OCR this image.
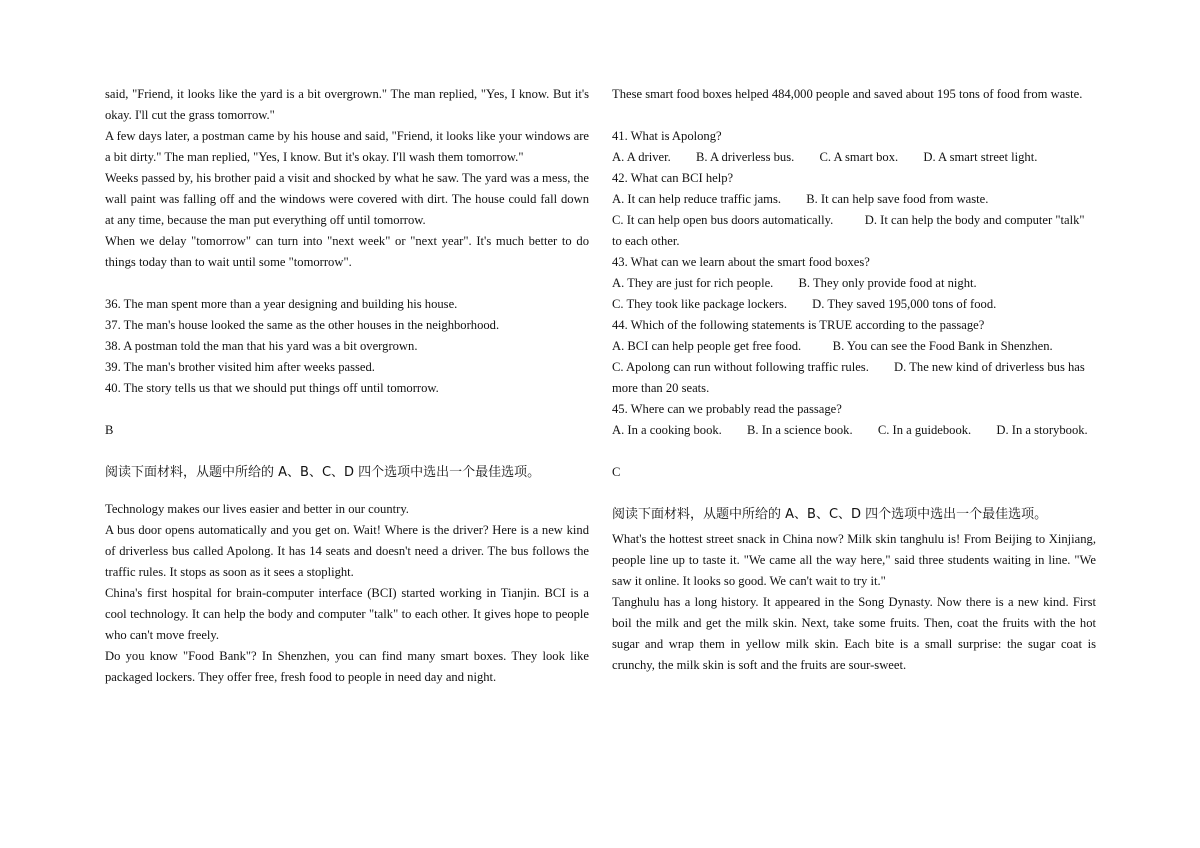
said, "Friend, it looks like the yard is a bit overgrown." The man replied, "Yes, I know. But it's okay. I'll cut the grass tomorrow."

A few days later, a postman came by his house and said, "Friend, it looks like your windows are a bit dirty." The man replied, "Yes, I know. But it's okay. I'll wash them tomorrow."

Weeks passed by, his brother paid a visit and shocked by what he saw. The yard was a mess, the wall paint was falling off and the windows were covered with dirt. The house could fall down at any time, because the man put everything off until tomorrow.

When we delay "tomorrow" can turn into "next week" or "next year". It's much better to do things today than to wait until some "tomorrow".

36. The man spent more than a year designing and building his house.

37. The man's house looked the same as the other houses in the neighborhood.

38. A postman told the man that his yard was a bit overgrown.

39. The man's brother visited him after weeks passed.

40. The story tells us that we should put things off until tomorrow.

B

阅读下面材料，从题中所给的 A、B、C、D 四个选项中选出一个最佳选项。

Technology makes our lives easier and better in our country.

A bus door opens automatically and you get on. Wait! Where is the driver? Here is a new kind of driverless bus called Apolong. It has 14 seats and doesn't need a driver. The bus follows the traffic rules. It stops as soon as it sees a stoplight.

China's first hospital for brain-computer interface (BCI) started working in Tianjin. BCI is a cool technology. It can help the body and computer "talk" to each other. It gives hope to people who can't move freely.

Do you know "Food Bank"? In Shenzhen, you can find many smart boxes. They look like packaged lockers. They offer free, fresh food to people in need day and night.

These smart food boxes helped 484,000 people and saved about 195 tons of food from waste.

41. What is Apolong?

A. A driver.        B. A driverless bus.        C. A smart box.        D. A smart street light.

42. What can BCI help?

A. It can help reduce traffic jams.        B. It can help save food from waste.
C. It can help open bus doors automatically.          D. It can help the body and computer "talk" to each other.

43. What can we learn about the smart food boxes?

A. They are just for rich people.        B. They only provide food at night.
C. They took like package lockers.        D. They saved 195,000 tons of food.

44. Which of the following statements is TRUE according to the passage?

A. BCI can help people get free food.          B. You can see the Food Bank in Shenzhen.
C. Apolong can run without following traffic rules.        D. The new kind of driverless bus has more than 20 seats.

45. Where can we probably read the passage?

A. In a cooking book.        B. In a science book.        C. In a guidebook.        D. In a storybook.

C

阅读下面材料，从题中所给的 A、B、C、D 四个选项中选出一个最佳选项。

What's the hottest street snack in China now? Milk skin tanghulu is! From Beijing to Xinjiang, people line up to taste it. "We came all the way here," said three students waiting in line. "We saw it online. It looks so good. We can't wait to try it."

Tanghulu has a long history. It appeared in the Song Dynasty. Now there is a new kind. First boil the milk and get the milk skin. Next, take some fruits. Then, coat the fruits with the hot sugar and wrap them in yellow milk skin. Each bite is a small surprise: the sugar coat is crunchy, the milk skin is soft and the fruits are sour-sweet.
